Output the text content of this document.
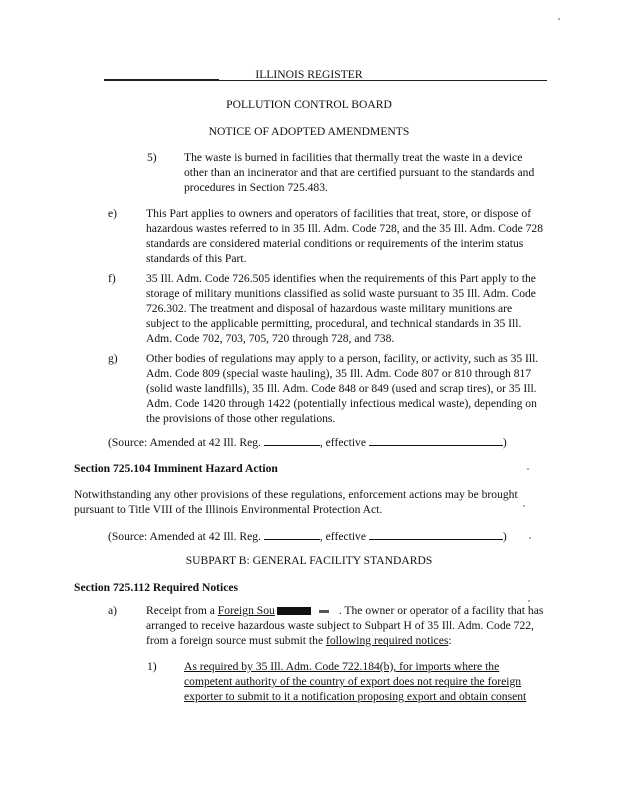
ILLINOIS REGISTER
POLLUTION CONTROL BOARD
NOTICE OF ADOPTED AMENDMENTS
5) The waste is burned in facilities that thermally treat the waste in a device other than an incinerator and that are certified pursuant to the standards and procedures in Section 725.483.
e) This Part applies to owners and operators of facilities that treat, store, or dispose of hazardous wastes referred to in 35 Ill. Adm. Code 728, and the 35 Ill. Adm. Code 728 standards are considered material conditions or requirements of the interim status standards of this Part.
f)	35 Ill. Adm. Code 726.505 identifies when the requirements of this Part apply to the storage of military munitions classified as solid waste pursuant to 35 Ill. Adm. Code 726.302. The treatment and disposal of hazardous waste military munitions are subject to the applicable permitting, procedural, and technical standards in 35 Ill. Adm. Code 702, 703, 705, 720 through 728, and 738.
g) Other bodies of regulations may apply to a person, facility, or activity, such as 35 Ill. Adm. Code 809 (special waste hauling), 35 Ill. Adm. Code 807 or 810 through 817 (solid waste landfills), 35 Ill. Adm. Code 848 or 849 (used and scrap tires), or 35 Ill. Adm. Code 1420 through 1422 (potentially infectious medical waste), depending on the provisions of those other regulations.
(Source: Amended at 42 Ill. Reg.	, effective	)
Section 725.104 Imminent Hazard Action
Notwithstanding any other provisions of these regulations, enforcement actions may be brought pursuant to Title VIII of the Illinois Environmental Protection Act.
(Source: Amended at 42 Ill. Reg.	, effective	)
SUBPART B: GENERAL FACILITY STANDARDS
Section 725.112 Required Notices
a) Receipt from a Foreign Sou	. The owner or operator of a facility that has arranged to receive hazardous waste subject to Subpart H of 35 Ill. Adm. Code 722, from a foreign source must submit the following required notices:
1) As required by 35 Ill. Adm. Code 722.184(b), for imports where the competent authority of the country of export does not require the foreign exporter to submit to it a notification proposing export and obtain consent
